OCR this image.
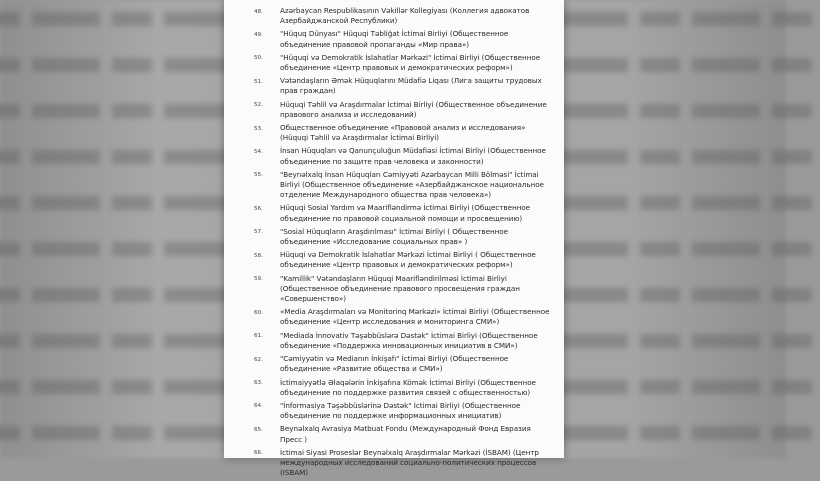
48.	Azərbaycan Respublikasının Vəkillər Kollegiyası (Коллегия адвокатов Азербайджанской Республики)
49.	"Hüquq Dünyası" Hüquqi Təbliğat İctimai Birliyi (Общественное объединение правовой пропаганды «Мир права»)
50.	"Hüquqi və Demokratik İslahatlar Mərkəzi" İctimai Birliyi (Общественное объединение «Центр правовых и демократических реформ»)
51.	Vətəndaşların Əmək Hüquqlarını Müdafiə Liqası (Лига защиты трудовых прав граждан)
52.	Hüquqi Təhlil və Araşdırmalar İctimai Birliyi (Общественное объединение правового анализа и исследований)
53.	Общественное объединение «Правовой анализ и исследования» (Hüquqi Təhlil və Araşdırmalar İctimai Birliyi)
54.	İnsan Hüquqları və Qanunçuluğun Müdafiəsi İctimai Birliyi (Общественное объединение по защите прав человека и законности)
55.	"Beynəlxalq İnsan Hüquqları Cəmiyyəti Azərbaycan Milli Bölməsi" İctimai Birliyi (Общественное объединение «Азербайджанское национальное отделение Международного общества прав человека»)
56.	Hüquqi Sosial Yardım və Maarifləndirmə İctimai Birliyi (Общественное объединение по правовой социальной помощи и просвещению)
57.	"Sosial Hüquqların Araşdırılması" İctimai Birliyi ( Общественное объединение «Исследование социальных прав» )
58.	Hüquqi və Demokratik İslahatlar Mərkəzi İctimai Birliyi ( Общественное объединение «Центр правовых и демократических реформ»)
59.	"Kamillik" Vətəndaşların Hüquqi Maarifləndirilməsi İctimai Birliyi (Общественное объединение правового просвещения граждан «Совершенство»)
60.	«Media Araşdırmaları və Monitorinq Mərkəzi» İctimai Birliyi (Общественное объединение «Центр исследования и мониторинга СМИ»)
61.	"Mediada İnnovativ Təşəbbüslərə Dəstək" İctimai Birliyi (Общественное объединение «Поддержка инновационных инициатив в СМИ»)
62.	"Cəmiyyətin və Medianın İnkişafı" İctimai Birliyi (Общественное объединение «Развитие общества и СМИ»)
63.	İctimaiyyətlə Əlaqələrin İnkişafına Kömək İctimai Birliyi (Общественное объединение по поддержке развития связей с общественностью)
64.	"İnformasiya Təşəbbüslərinə Dəstək" İctimai Birliyi (Общественное объединение по поддержке информационных инициатив)
65.	Beynəlxalq Avrasiya Mətbuat Fondu (Международный Фонд Евразия Пресс )
66.	İctimai Siyasi Proseslər Beynəlxalq Araşdırmalar Mərkəzi (İSBAM) (Центр международных исследований социально-политических процессов (ISBAM)
